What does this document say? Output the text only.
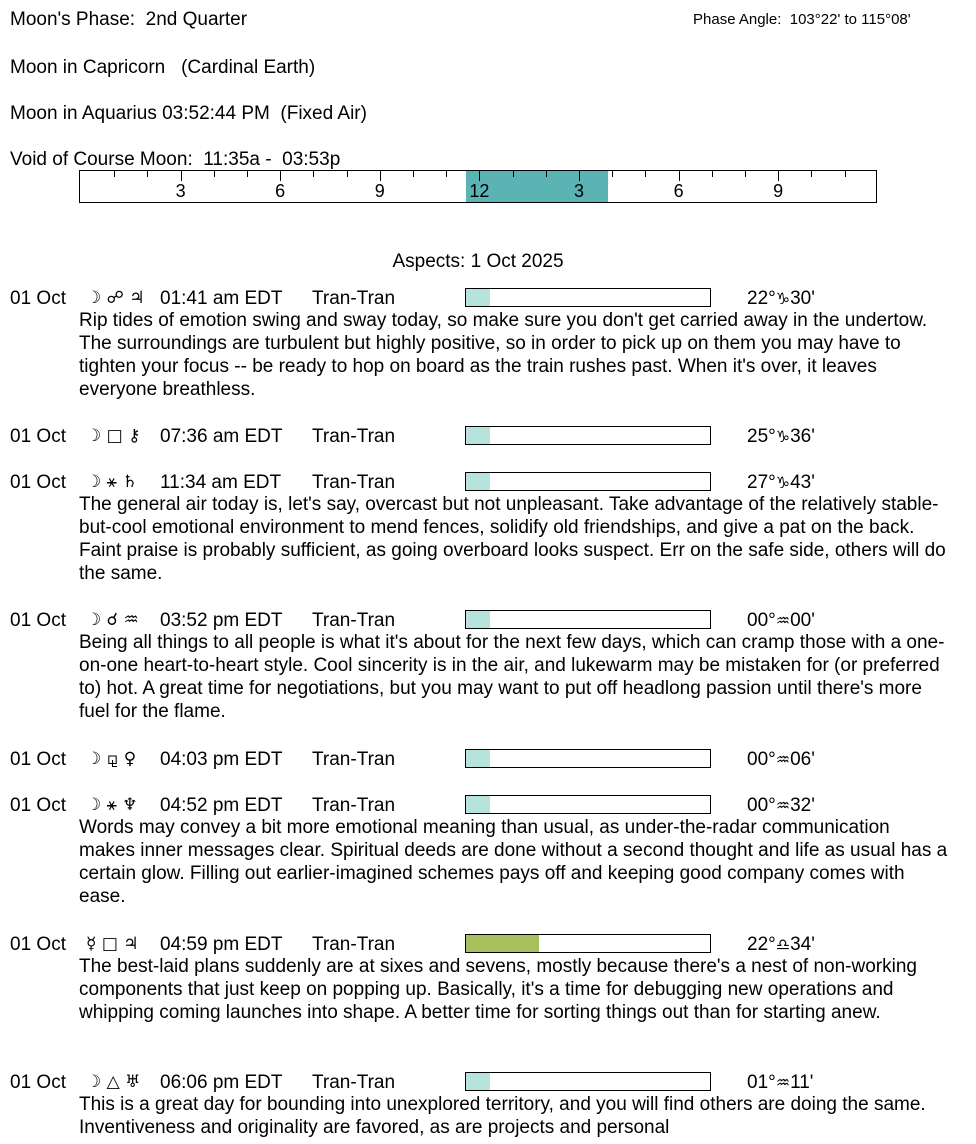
Moon's Phase:  2nd Quarter	Phase Angle:  103°22' to 115°08'
Moon in Capricorn   (Cardinal Earth)
Moon in Aquarius 03:52:44 PM  (Fixed Air)
Void of Course Moon:  11:35a -  03:53p
3	6	9	12	3	6	9
Aspects: 1 Oct 2025
01 Oct ☽ ☍ ♃ 01:41 am EDT Tran-Tran	22°♑30'
Rip tides of emotion swing and sway today, so make sure you don't get carried away in the undertow. The surroundings are turbulent but highly positive, so in order to pick up on them you may have to tighten your focus -- be ready to hop on board as the train rushes past. When it's over, it leaves everyone breathless.
01 Oct ☽ □ ⚷ 07:36 am EDT Tran-Tran	25°♑36'
01 Oct ☽ ⚹ ♄ 11:34 am EDT Tran-Tran	27°♑43'
The general air today is, let's say, overcast but not unpleasant. Take advantage of the relatively stable-but-cool emotional environment to mend fences, solidify old friendships, and give a pat on the back. Faint praise is probably sufficient, as going overboard looks suspect. Err on the safe side, others will do the same.
01 Oct ☽ ☌ ♒ 03:52 pm EDT Tran-Tran	00°♒00'
Being all things to all people is what it's about for the next few days, which can cramp those with a one-on-one heart-to-heart style. Cool sincerity is in the air, and lukewarm may be mistaken for (or preferred to) hot. A great time for negotiations, but you may want to put off headlong passion until there's more fuel for the flame.
01 Oct ☽ ⚼ ♀ 04:03 pm EDT Tran-Tran	00°♒06'
01 Oct ☽ ⚹ ♆ 04:52 pm EDT Tran-Tran	00°♒32'
Words may convey a bit more emotional meaning than usual, as under-the-radar communication makes inner messages clear. Spiritual deeds are done without a second thought and life as usual has a certain glow. Filling out earlier-imagined schemes pays off and keeping good company comes with ease.
01 Oct ☿ □ ♃ 04:59 pm EDT Tran-Tran	22°♎34'
The best-laid plans suddenly are at sixes and sevens, mostly because there's a nest of non-working components that just keep on popping up. Basically, it's a time for debugging new operations and whipping coming launches into shape. A better time for sorting things out than for starting anew.
01 Oct ☽ △ ♅ 06:06 pm EDT Tran-Tran	01°♒11'
This is a great day for bounding into unexplored territory, and you will find others are doing the same. Inventiveness and originality are favored, as are projects and personal
